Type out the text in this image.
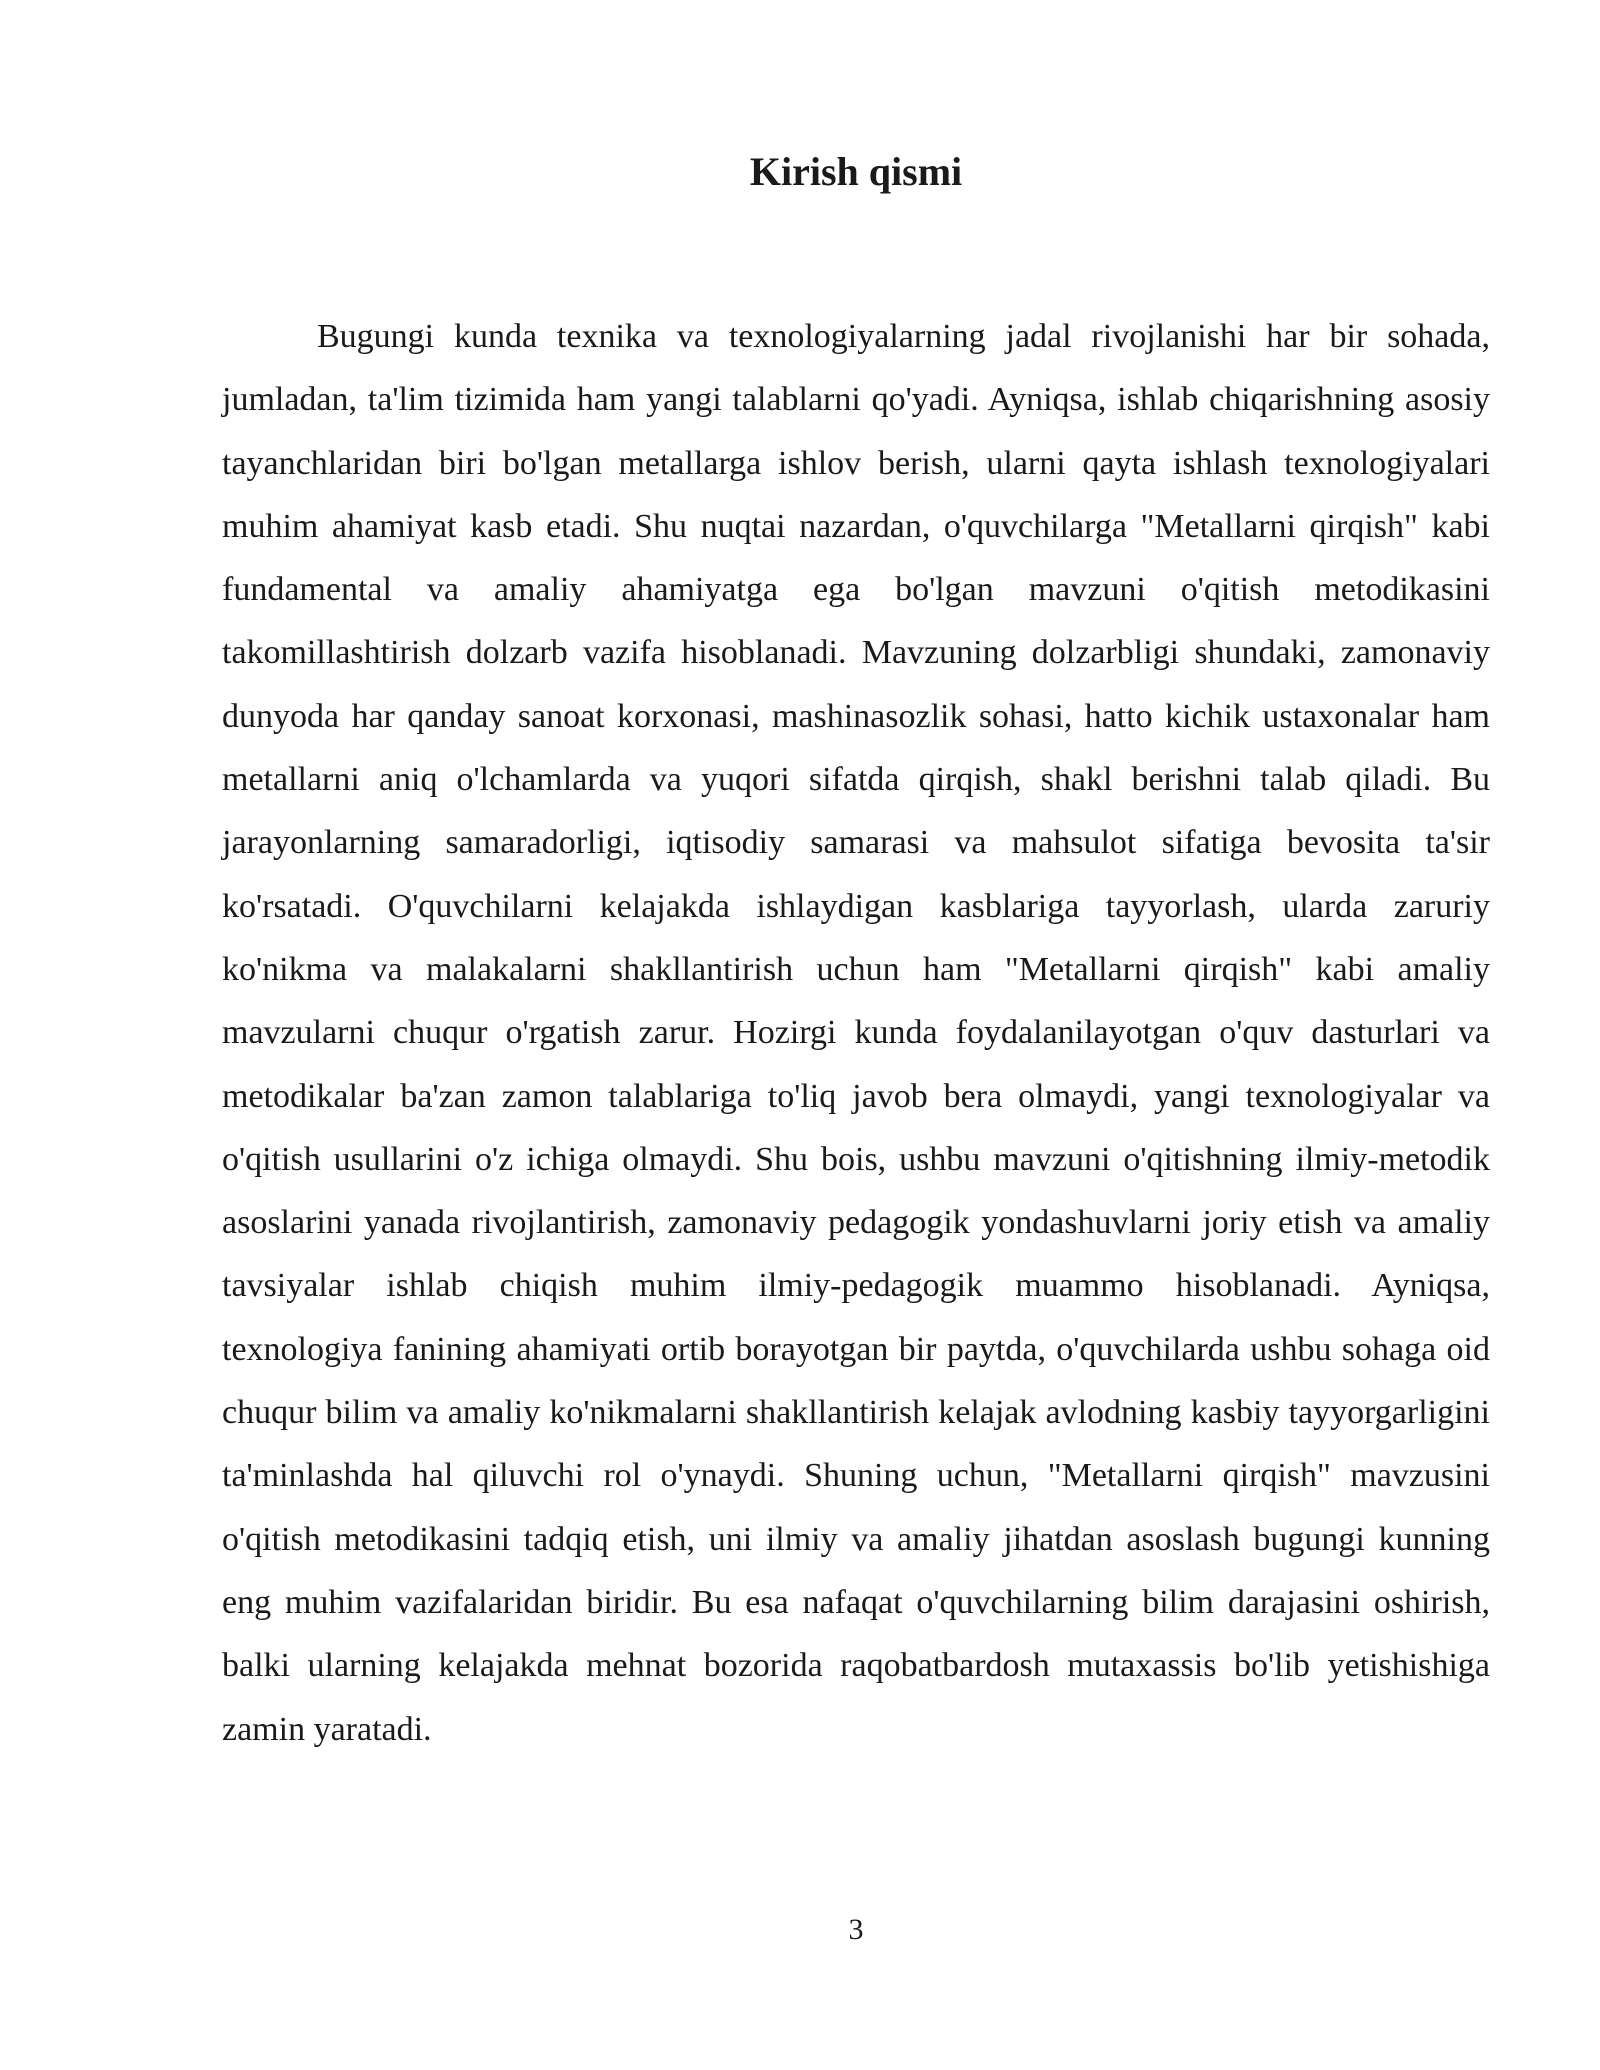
Kirish qismi

Bugungi kunda texnika va texnologiyalarning jadal rivojlanishi har bir sohada, jumladan, ta'lim tizimida ham yangi talablarni qo'yadi. Ayniqsa, ishlab chiqarishning asosiy tayanchlaridan biri bo'lgan metallarga ishlov berish, ularni qayta ishlash texnologiyalari muhim ahamiyat kasb etadi. Shu nuqtai nazardan, o'quvchilarga "Metallarni qirqish" kabi fundamental va amaliy ahamiyatga ega bo'lgan mavzuni o'qitish metodikasini takomillashtirish dolzarb vazifa hisoblanadi. Mavzuning dolzarbligi shundaki, zamonaviy dunyoda har qanday sanoat korxonasi, mashinasozlik sohasi, hatto kichik ustaxonalar ham metallarni aniq o'lchamlarda va yuqori sifatda qirqish, shakl berishni talab qiladi. Bu jarayonlarning samaradorligi, iqtisodiy samarasi va mahsulot sifatiga bevosita ta'sir ko'rsatadi. O'quvchilarni kelajakda ishlaydigan kasblariga tayyorlash, ularda zaruriy ko'nikma va malakalarni shakllantirish uchun ham "Metallarni qirqish" kabi amaliy mavzularni chuqur o'rgatish zarur. Hozirgi kunda foydalanilayotgan o'quv dasturlari va metodikalar ba'zan zamon talablariga to'liq javob bera olmaydi, yangi texnologiyalar va o'qitish usullarini o'z ichiga olmaydi. Shu bois, ushbu mavzuni o'qitishning ilmiy-metodik asoslarini yanada rivojlantirish, zamonaviy pedagogik yondashuvlarni joriy etish va amaliy tavsiyalar ishlab chiqish muhim ilmiy-pedagogik muammo hisoblanadi. Ayniqsa, texnologiya fanining ahamiyati ortib borayotgan bir paytda, o'quvchilarda ushbu sohaga oid chuqur bilim va amaliy ko'nikmalarni shakllantirish kelajak avlodning kasbiy tayyorgarligini ta'minlashda hal qiluvchi rol o'ynaydi. Shuning uchun, "Metallarni qirqish" mavzusini o'qitish metodikasini tadqiq etish, uni ilmiy va amaliy jihatdan asoslash bugungi kunning eng muhim vazifalaridan biridir. Bu esa nafaqat o'quvchilarning bilim darajasini oshirish, balki ularning kelajakda mehnat bozorida raqobatbardosh mutaxassis bo'lib yetishishiga zamin yaratadi.

3
